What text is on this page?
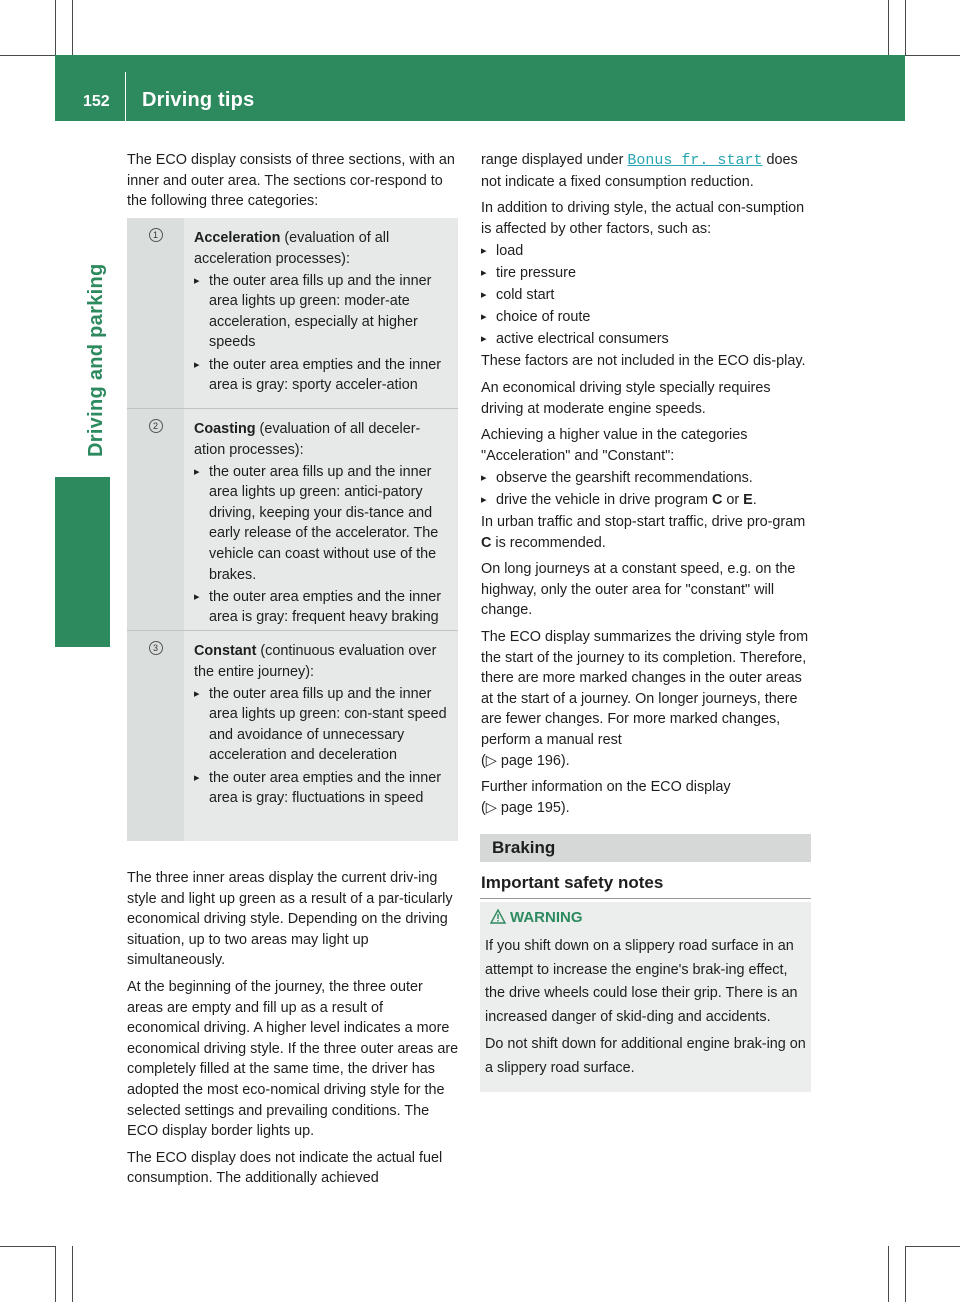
152 Driving tips
Driving and parking

The ECO display consists of three sections, with an inner and outer area. The sections cor-respond to the following three categories:

1	Acceleration (evaluation of all acceleration processes):
▸ the outer area fills up and the inner area lights up green: moder-ate acceleration, especially at higher speeds
▸ the outer area empties and the inner area is gray: sporty acceler-ation
2	Coasting (evaluation of all deceler-ation processes):
▸ the outer area fills up and the inner area lights up green: antici-patory driving, keeping your dis-tance and early release of the accelerator. The vehicle can coast without use of the brakes.
▸ the outer area empties and the inner area is gray: frequent heavy braking
3	Constant (continuous evaluation over the entire journey):
▸ the outer area fills up and the inner area lights up green: con-stant speed and avoidance of unnecessary acceleration and deceleration
▸ the outer area empties and the inner area is gray: fluctuations in speed

The three inner areas display the current driv-ing style and light up green as a result of a par-ticularly economical driving style. Depending on the driving situation, up to two areas may light up simultaneously.

At the beginning of the journey, the three outer areas are empty and fill up as a result of economical driving. A higher level indicates a more economical driving style. If the three outer areas are completely filled at the same time, the driver has adopted the most eco-nomical driving style for the selected settings and prevailing conditions. The ECO display border lights up.

The ECO display does not indicate the actual fuel consumption. The additionally achieved

range displayed under Bonus fr. start does not indicate a fixed consumption reduction.

In addition to driving style, the actual con-sumption is affected by other factors, such as:

▸ load
▸ tire pressure
▸ cold start
▸ choice of route
▸ active electrical consumers

These factors are not included in the ECO dis-play.

An economical driving style specially requires driving at moderate engine speeds.

Achieving a higher value in the categories "Acceleration" and "Constant":

▸ observe the gearshift recommendations.
▸ drive the vehicle in drive program C or E.

In urban traffic and stop-start traffic, drive pro-gram C is recommended.

On long journeys at a constant speed, e.g. on the highway, only the outer area for "constant" will change.

The ECO display summarizes the driving style from the start of the journey to its completion. Therefore, there are more marked changes in the outer areas at the start of a journey. On longer journeys, there are fewer changes. For more marked changes, perform a manual rest

(▷ page 196).

Further information on the ECO display

(▷ page 195).

Braking
Important safety notes
WARNING

If you shift down on a slippery road surface in an attempt to increase the engine's brak-ing effect, the drive wheels could lose their grip. There is an increased danger of skid-ding and accidents.

Do not shift down for additional engine brak-ing on a slippery road surface.
